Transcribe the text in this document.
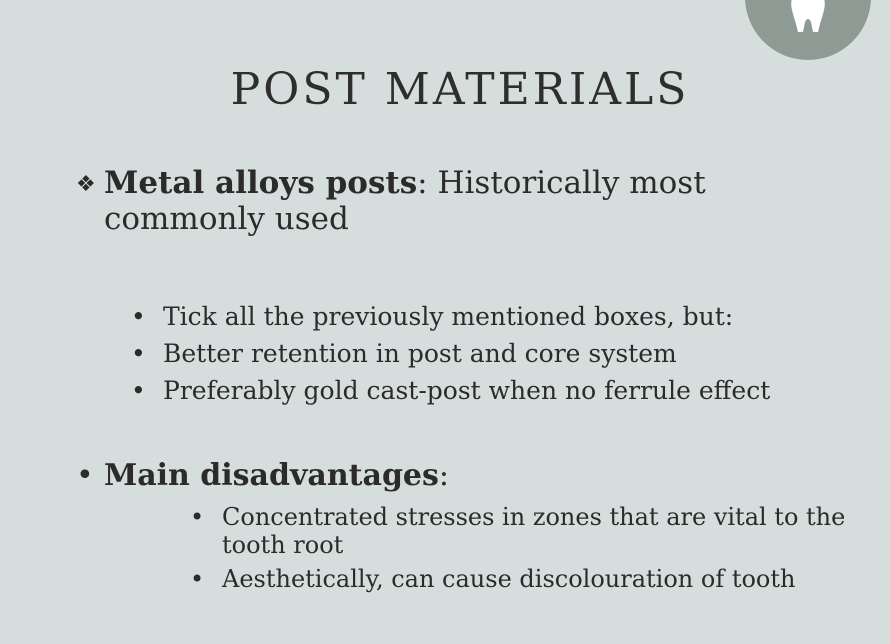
POST MATERIALS
❖ Metal alloys posts: Historically most commonly used
• Tick all the previously mentioned boxes, but:
• Better retention in post and core system
• Preferably gold cast-post when no ferrule effect
• Main disadvantages:
• Concentrated stresses in zones that are vital to the tooth root
• Aesthetically, can cause discolouration of tooth
